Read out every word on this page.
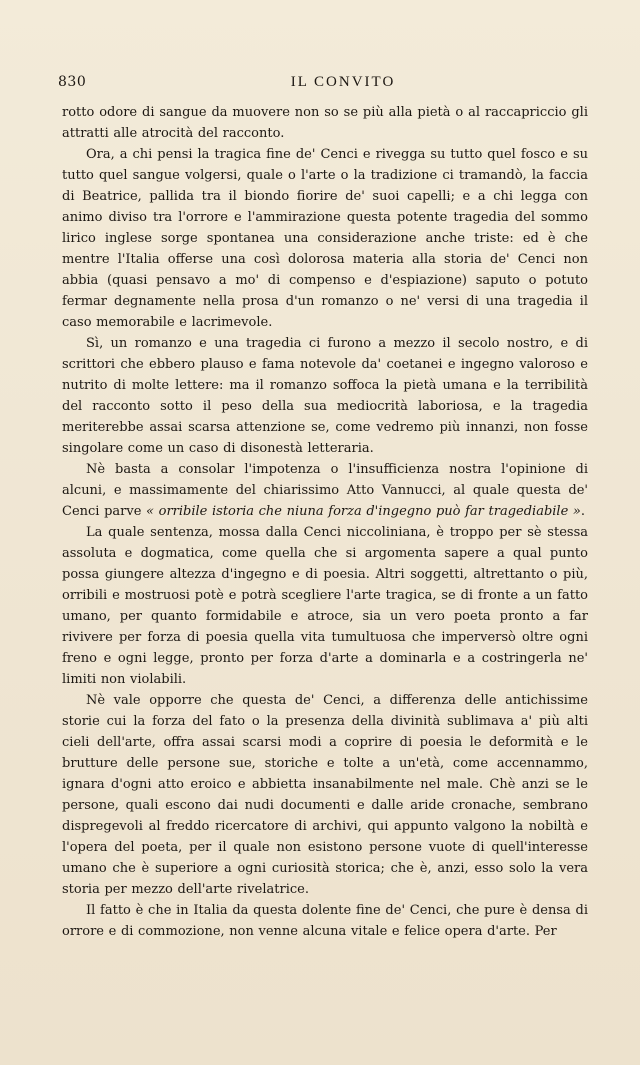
830	IL CONVITO

rotto odore di sangue da muovere non so se più alla pietà o al raccapriccio gli attratti alle atrocità del racconto.

Ora, a chi pensi la tragica fine de' Cenci e rivegga su tutto quel fosco e su tutto quel sangue volgersi, quale o l'arte o la tradizione ci tramandò, la faccia di Beatrice, pallida tra il biondo fiorire de' suoi capelli; e a chi legga con animo diviso tra l'orrore e l'ammirazione questa potente tragedia del sommo lirico inglese sorge spontanea una considerazione anche triste: ed è che mentre l'Italia offerse una così dolorosa materia alla storia de' Cenci non abbia (quasi pensavo a mo' di compenso e d'espiazione) saputo o potuto fermar degnamente nella prosa d'un romanzo o ne' versi di una tragedia il caso memorabile e lacrimevole.

Sì, un romanzo e una tragedia ci furono a mezzo il secolo nostro, e di scrittori che ebbero plauso e fama notevole da' coetanei e ingegno valoroso e nutrito di molte lettere: ma il romanzo soffoca la pietà umana e la terribilità del racconto sotto il peso della sua mediocrità laboriosa, e la tragedia meriterebbe assai scarsa attenzione se, come vedremo più innanzi, non fosse singolare come un caso di disonestà letteraria.

Nè basta a consolar l'impotenza o l'insufficienza nostra l'opinione di alcuni, e massimamente del chiarissimo Atto Vannucci, al quale questa de' Cenci parve « orribile istoria che niuna forza d'ingegno può far tragediabile ».

La quale sentenza, mossa dalla Cenci niccoliniana, è troppo per sè stessa assoluta e dogmatica, come quella che si argomenta sapere a qual punto possa giungere altezza d'ingegno e di poesia. Altri soggetti, altrettanto o più, orribili e mostruosi potè e potrà scegliere l'arte tragica, se di fronte a un fatto umano, per quanto formidabile e atroce, sia un vero poeta pronto a far rivivere per forza di poesia quella vita tumultuosa che imperversò oltre ogni freno e ogni legge, pronto per forza d'arte a dominarla e a costringerla ne' limiti non violabili.

Nè vale opporre che questa de' Cenci, a differenza delle antichissime storie cui la forza del fato o la presenza della divinità sublimava a' più alti cieli dell'arte, offra assai scarsi modi a coprire di poesia le deformità e le brutture delle persone sue, storiche e tolte a un'età, come accennammo, ignara d'ogni atto eroico e abbietta insanabilmente nel male. Chè anzi se le persone, quali escono dai nudi documenti e dalle aride cronache, sembrano dispregevoli al freddo ricercatore di archivi, qui appunto valgono la nobiltà e l'opera del poeta, per il quale non esistono persone vuote di quell'interesse umano che è superiore a ogni curiosità storica; che è, anzi, esso solo la vera storia per mezzo dell'arte rivelatrice.

Il fatto è che in Italia da questa dolente fine de' Cenci, che pure è densa di orrore e di commozione, non venne alcuna vitale e felice opera d'arte. Per
